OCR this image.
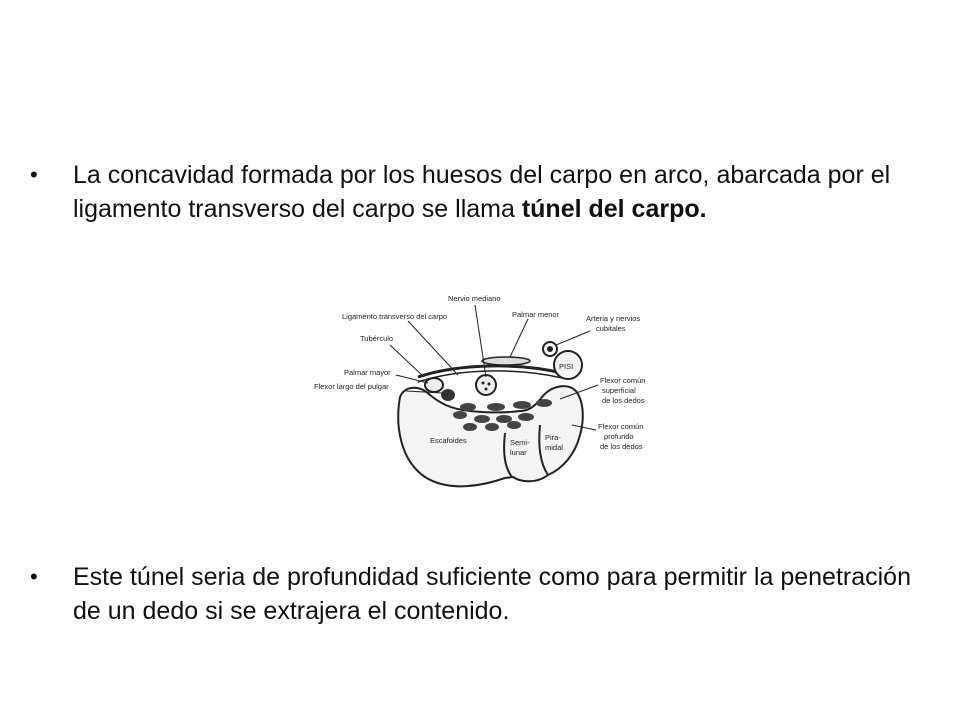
• La concavidad formada por los huesos del carpo en arco, abarcada por el ligamento transverso del carpo se llama túnel del carpo.
Nervio mediano
Ligamento transverso del carpo	Palmar menor	Arteria y nervios
cubitales
Tubérculo
PISI
Palmar mayor
Flexor largo del pulgar
Flexor común
superficial
de los dedos
Escafoides	Semi-
lunar
Pira-
midal
Flexor común
profundo
de los dedos
• Este túnel seria de profundidad suficiente como para permitir la penetración de un dedo si se extrajera el contenido.
